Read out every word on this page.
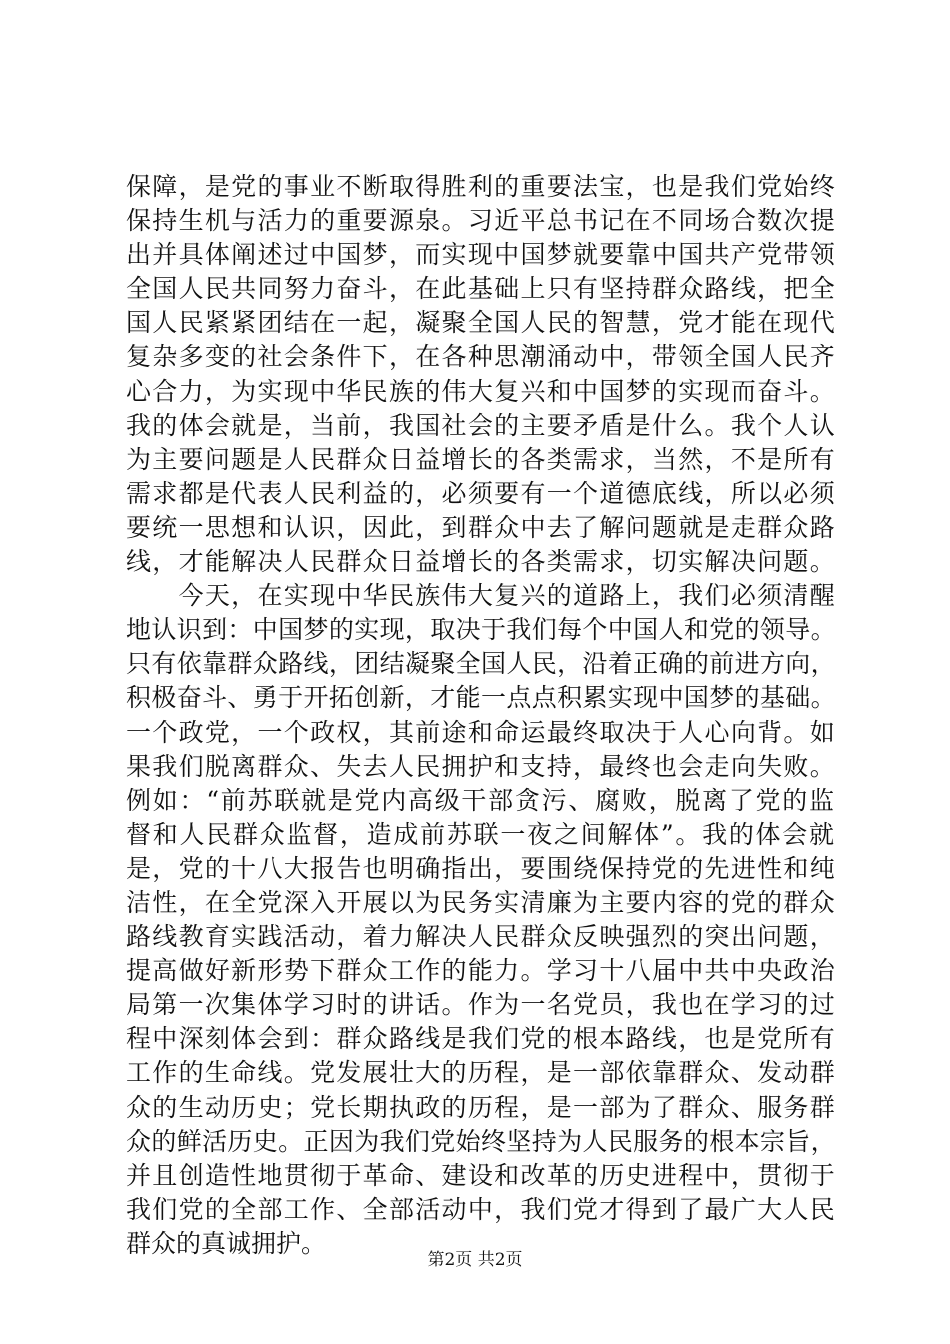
保障，是党的事业不断取得胜利的重要法宝，也是我们党始终
保持生机与活力的重要源泉。习近平总书记在不同场合数次提
出并具体阐述过中国梦，而实现中国梦就要靠中国共产党带领
全国人民共同努力奋斗，在此基础上只有坚持群众路线，把全
国人民紧紧团结在一起，凝聚全国人民的智慧，党才能在现代
复杂多变的社会条件下，在各种思潮涌动中，带领全国人民齐
心合力，为实现中华民族的伟大复兴和中国梦的实现而奋斗。
我的体会就是，当前，我国社会的主要矛盾是什么。我个人认
为主要问题是人民群众日益增长的各类需求，当然，不是所有
需求都是代表人民利益的，必须要有一个道德底线，所以必须
要统一思想和认识，因此，到群众中去了解问题就是走群众路
线，才能解决人民群众日益增长的各类需求，切实解决问题。
　　今天，在实现中华民族伟大复兴的道路上，我们必须清醒
地认识到：中国梦的实现，取决于我们每个中国人和党的领导。
只有依靠群众路线，团结凝聚全国人民，沿着正确的前进方向，
积极奋斗、勇于开拓创新，才能一点点积累实现中国梦的基础。
一个政党，一个政权，其前途和命运最终取决于人心向背。如
果我们脱离群众、失去人民拥护和支持，最终也会走向失败。
例如：“前苏联就是党内高级干部贪污、腐败，脱离了党的监
督和人民群众监督，造成前苏联一夜之间解体”。我的体会就
是，党的十八大报告也明确指出，要围绕保持党的先进性和纯
洁性，在全党深入开展以为民务实清廉为主要内容的党的群众
路线教育实践活动，着力解决人民群众反映强烈的突出问题，
提高做好新形势下群众工作的能力。学习十八届中共中央政治
局第一次集体学习时的讲话。作为一名党员，我也在学习的过
程中深刻体会到：群众路线是我们党的根本路线，也是党所有
工作的生命线。党发展壮大的历程，是一部依靠群众、发动群
众的生动历史；党长期执政的历程，是一部为了群众、服务群
众的鲜活历史。正因为我们党始终坚持为人民服务的根本宗旨，
并且创造性地贯彻于革命、建设和改革的历史进程中，贯彻于
我们党的全部工作、全部活动中，我们党才得到了最广大人民
群众的真诚拥护。
第2页 共2页
